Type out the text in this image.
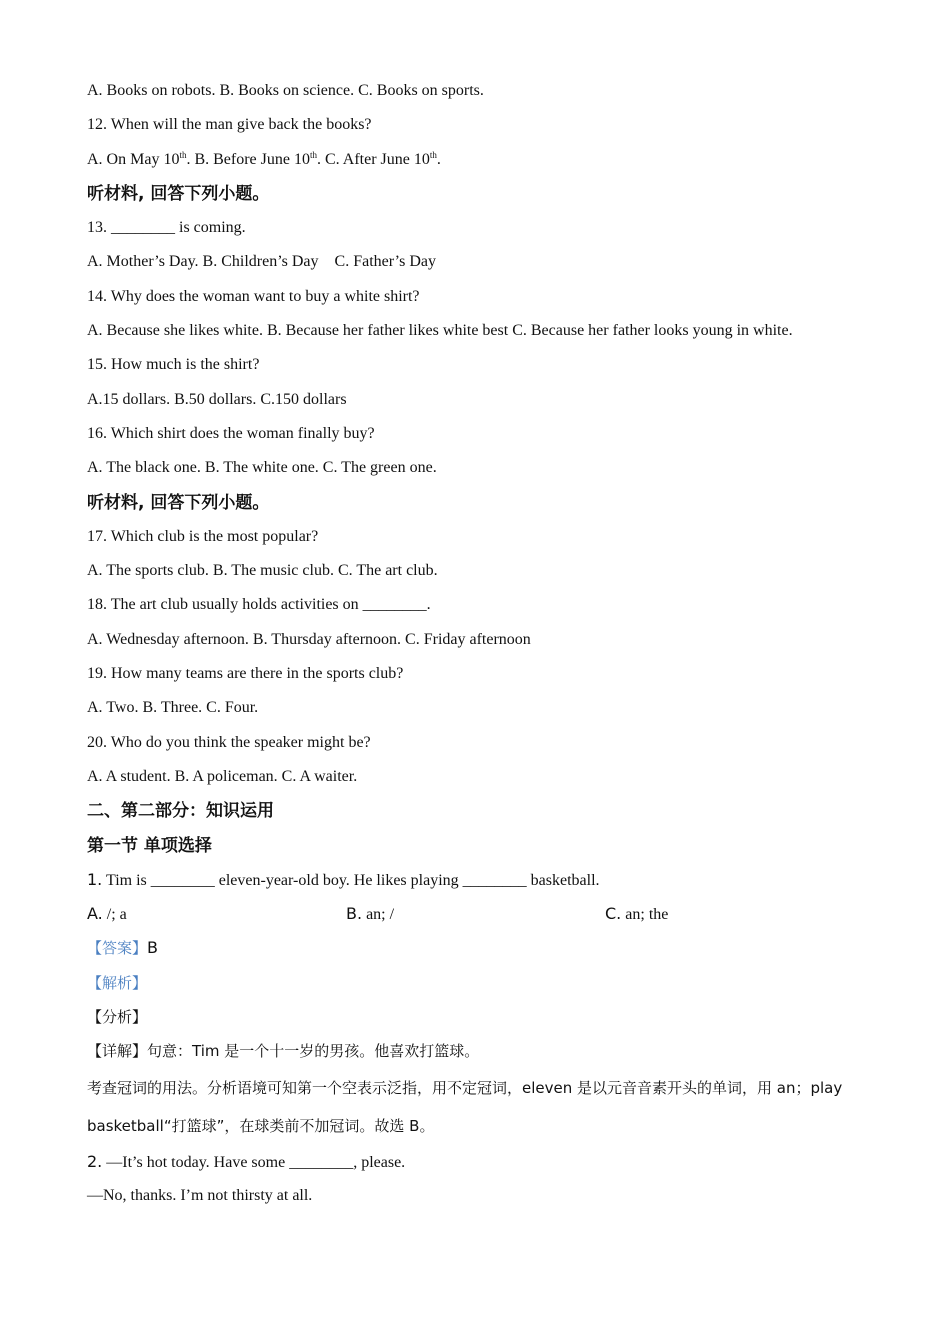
A. Books on robots. B. Books on science. C. Books on sports.
12. When will the man give back the books?
A. On May 10th. B. Before June 10th. C. After June 10th.
听材料, 回答下列小题。
13. ________ is coming.
A. Mother’s Day. B. Children’s Day    C. Father’s Day
14. Why does the woman want to buy a white shirt?
A. Because she likes white. B. Because her father likes white best C. Because her father looks young in white.
15. How much is the shirt?
A.15 dollars. B.50 dollars. C.150 dollars
16. Which shirt does the woman finally buy?
A. The black one. B. The white one. C. The green one.
听材料, 回答下列小题。
17. Which club is the most popular?
A. The sports club. B. The music club. C. The art club.
18. The art club usually holds activities on ________.
A. Wednesday afternoon. B. Thursday afternoon. C. Friday afternoon
19. How many teams are there in the sports club?
A. Two. B. Three. C. Four.
20. Who do you think the speaker might be?
A. A student. B. A policeman. C. A waiter.
二、第二部分：知识运用
第一节 单项选择
1. Tim is ________ eleven-year-old boy. He likes playing ________ basketball.
A. /; a	B. an; /	C. an; the
【答案】B
【解析】
【分析】
【详解】句意：Tim 是一个十一岁的男孩。他喜欢打篮球。
考查冠词的用法。分析语境可知第一个空表示泛指，用不定冠词，eleven 是以元音音素开头的单词，用 an；play basketball“打篮球”，在球类前不加冠词。故选 B。
2. —It’s hot today. Have some ________, please.
—No, thanks. I’m not thirsty at all.
